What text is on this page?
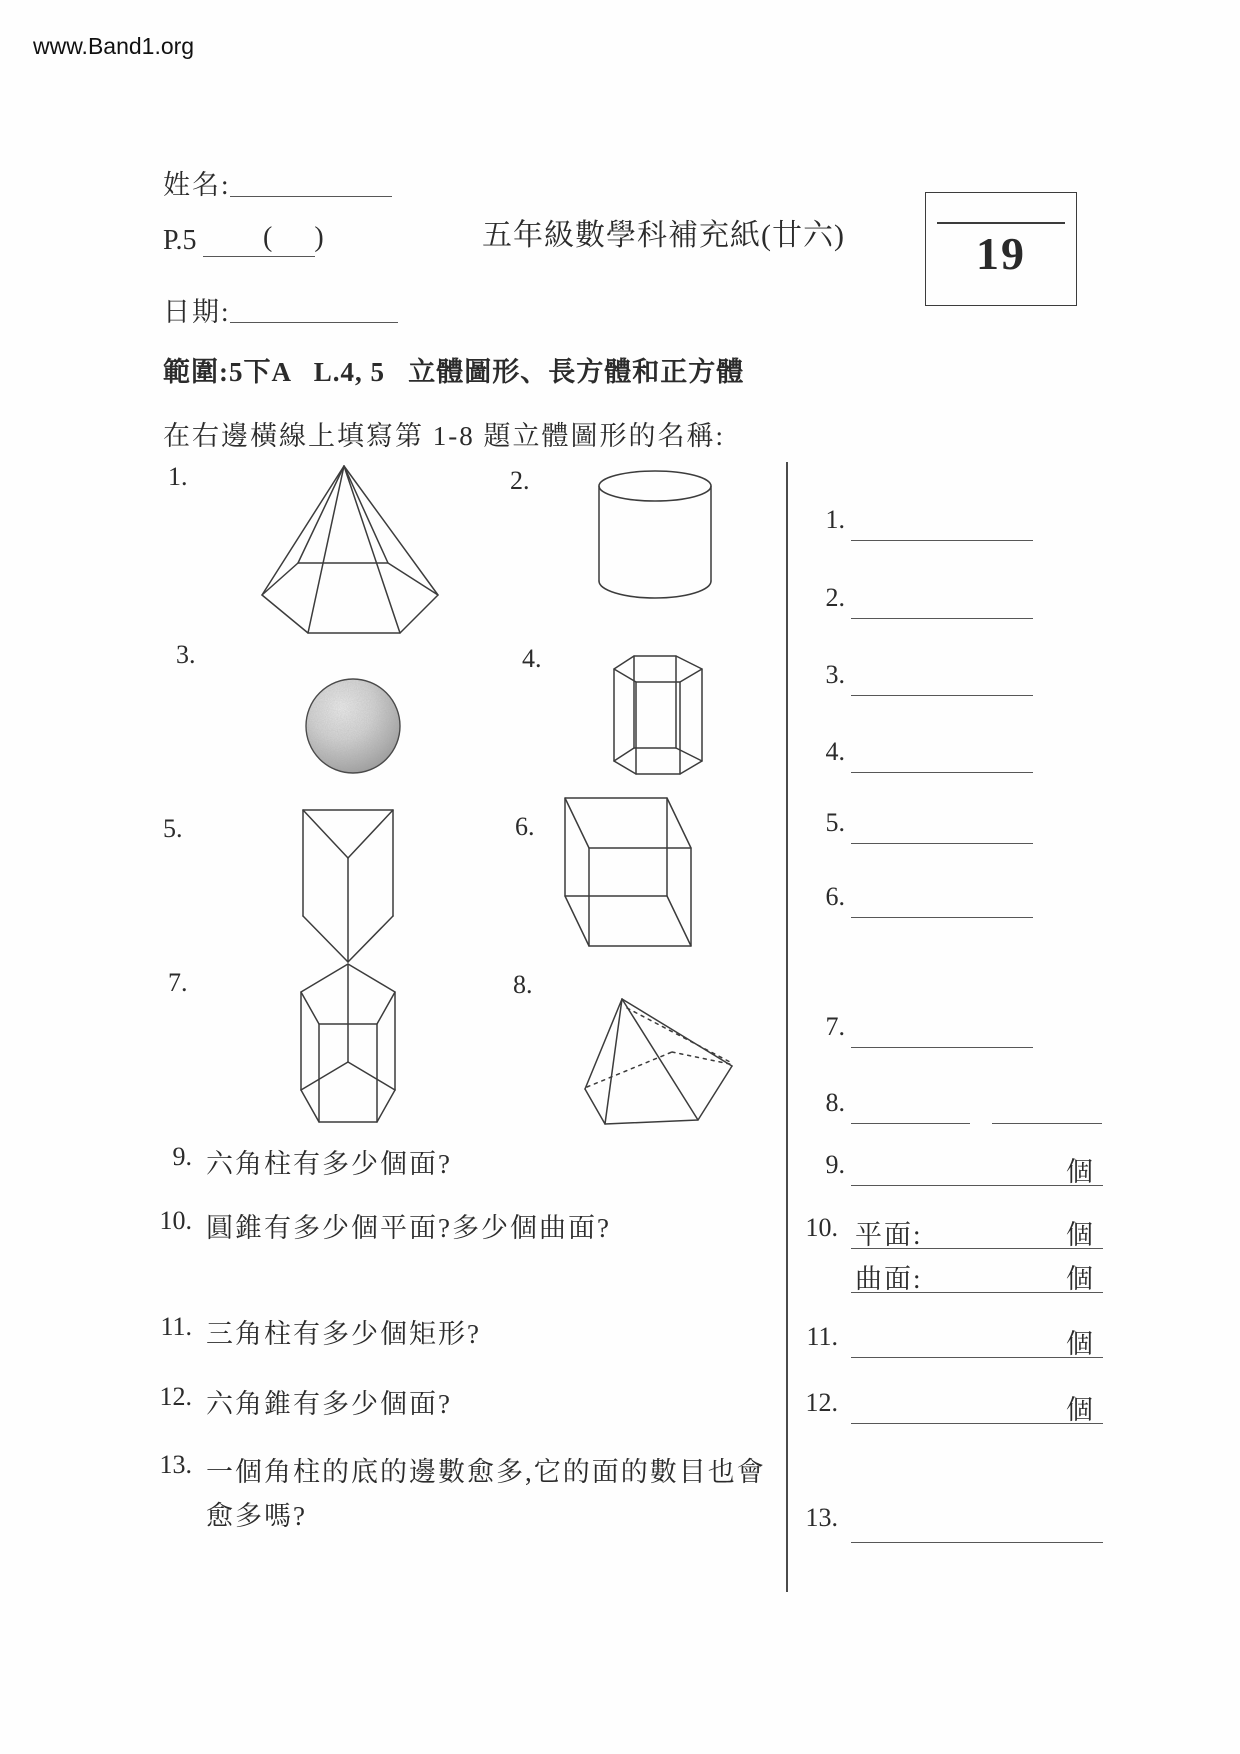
www.Band1.org
姓名:
P.5 (      )	五年級數學科補充紙(廿六)	19
日期:
範圍:5下A   L.4, 5   立體圖形、長方體和正方體
在右邊橫線上填寫第 1-8 題立體圖形的名稱:
1.	2.
3.	4.
5.	6.
7.	8.
9. 六角柱有多少個面?
10. 圓錐有多少個平面?多少個曲面?
11. 三角柱有多少個矩形?
12. 六角錐有多少個面?
13. 一個角柱的底的邊數愈多,它的面的數目也會
愈多嗎?
1.
2.
3.
4.
5.
6.
7.
8.
9.	個
10. 平面:	個
曲面:	個
11.	個
12.	個
13.
